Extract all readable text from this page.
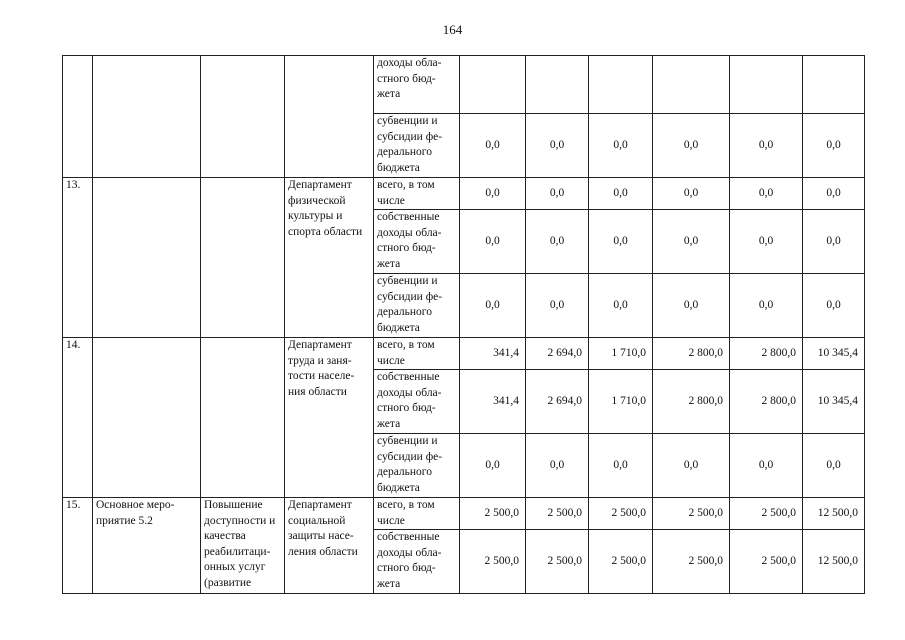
164
				доходы обла-стного бюд-жета						
				субвенции и субсидии фе-дерального бюджета	0,0	0,0	0,0	0,0	0,0	0,0
13.			Департамент физической культуры и спорта области	всего, в том числе	0,0	0,0	0,0	0,0	0,0	0,0
				собственные доходы обла-стного бюд-жета	0,0	0,0	0,0	0,0	0,0	0,0
				субвенции и субсидии фе-дерального бюджета	0,0	0,0	0,0	0,0	0,0	0,0
14.			Департамент труда и заня-тости населе-ния области	всего, в том числе	341,4	2 694,0	1 710,0	2 800,0	2 800,0	10 345,4
				собственные доходы обла-стного бюд-жета	341,4	2 694,0	1 710,0	2 800,0	2 800,0	10 345,4
				субвенции и субсидии фе-дерального бюджета	0,0	0,0	0,0	0,0	0,0	0,0
15.	Основное меро-приятие 5.2	Повышение доступности и качества реабилитаци-онных услуг (развитие	Департамент социальной защиты насе-ления области	всего, в том числе	2 500,0	2 500,0	2 500,0	2 500,0	2 500,0	12 500,0
				собственные доходы обла-стного бюд-жета	2 500,0	2 500,0	2 500,0	2 500,0	2 500,0	12 500,0
